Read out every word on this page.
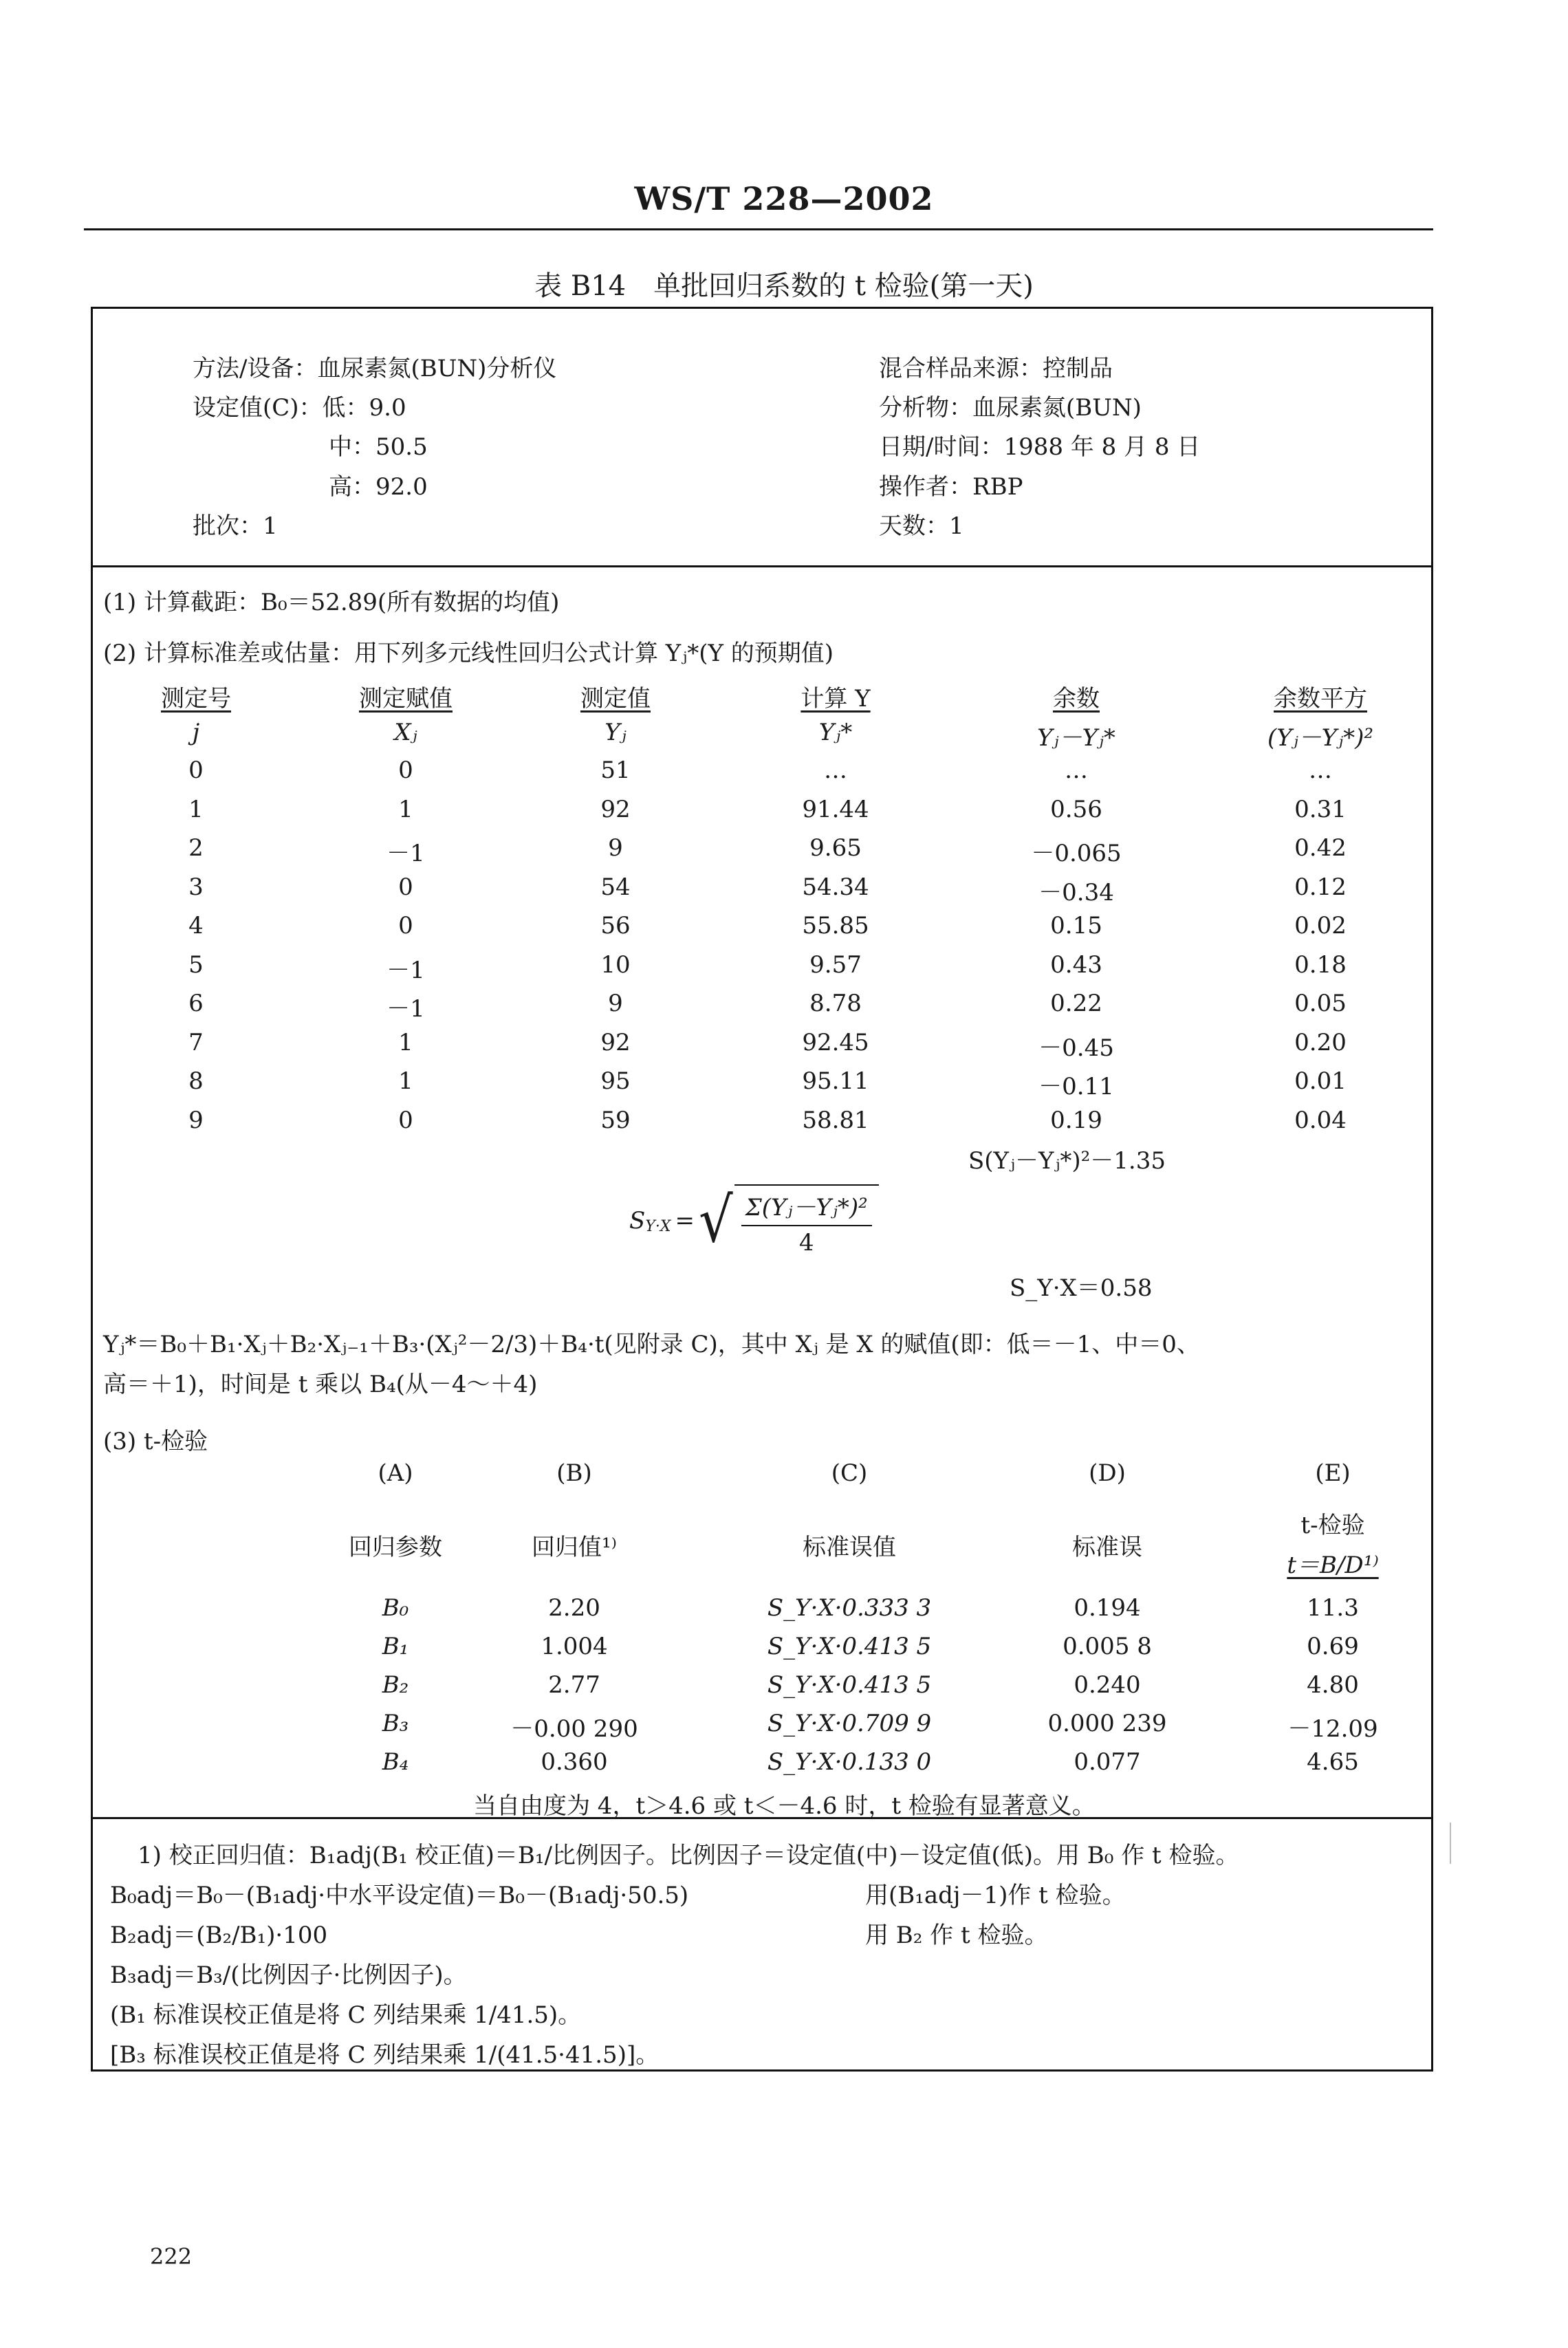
WS/T 228—2002
表 B14　单批回归系数的 t 检验(第一天)
方法/设备：血尿素氮(BUN)分析仪
设定值(C)：低：9.0
中：50.5
高：92.0
批次：1
混合样品来源：控制品
分析物：血尿素氮(BUN)
日期/时间：1988 年 8 月 8 日
操作者：RBP
天数：1
(1) 计算截距：B₀＝52.89(所有数据的均值)
(2) 计算标准差或估量：用下列多元线性回归公式计算 Yⱼ*(Y 的预期值)
测定号	测定赋值	测定值	计算 Y	余数	余数平方
j	Xⱼ	Yⱼ	Yⱼ*	Yⱼ－Yⱼ*	(Yⱼ－Yⱼ*)²
0	0	51	…	…	…
1	1	92	91.44	0.56	0.31
2	－1	9	9.65	－0.065	0.42
3	0	54	54.34	－0.34	0.12
4	0	56	55.85	0.15	0.02
5	－1	10	9.57	0.43	0.18
6	－1	9	8.78	0.22	0.05
7	1	92	92.45	－0.45	0.20
8	1	95	95.11	－0.11	0.01
9	0	59	58.81	0.19	0.04
S(Yⱼ－Yⱼ*)²－1.35
S Y·X = √ $\frac{\text{Σ(Yⱼ－Yⱼ*)²}}{4}$
S_Y·X＝0.58
Yⱼ*＝B₀＋B₁·Xⱼ＋B₂·Xⱼ₋₁＋B₃·(Xⱼ²－2/3)＋B₄·t(见附录 C)，其中 Xⱼ 是 X 的赋值(即：低＝－1、中＝0、
高＝＋1)，时间是 t 乘以 B₄(从－4～＋4)
(3) t-检验
(A)	(B)	(C)	(D)	(E)
t-检验
回归参数	回归值¹⁾	标准误值	标准误
t＝B/D¹⁾
B₀	2.20	S_Y·X·0.333 3	0.194	11.3
B₁	1.004	S_Y·X·0.413 5	0.005 8	0.69
B₂	2.77	S_Y·X·0.413 5	0.240	4.80
B₃	－0.00 290	S_Y·X·0.709 9	0.000 239	－12.09
B₄	0.360	S_Y·X·0.133 0	0.077	4.65
当自由度为 4，t＞4.6 或 t＜－4.6 时，t 检验有显著意义。
1) 校正回归值：B₁adj(B₁ 校正值)＝B₁/比例因子。比例因子＝设定值(中)－设定值(低)。用 B₀ 作 t 检验。
B₀adj＝B₀－(B₁adj·中水平设定值)＝B₀－(B₁adj·50.5)	用(B₁adj－1)作 t 检验。
B₂adj＝(B₂/B₁)·100	用 B₂ 作 t 检验。
B₃adj＝B₃/(比例因子·比例因子)。
(B₁ 标准误校正值是将 C 列结果乘 1/41.5)。
[B₃ 标准误校正值是将 C 列结果乘 1/(41.5·41.5)]。
222
